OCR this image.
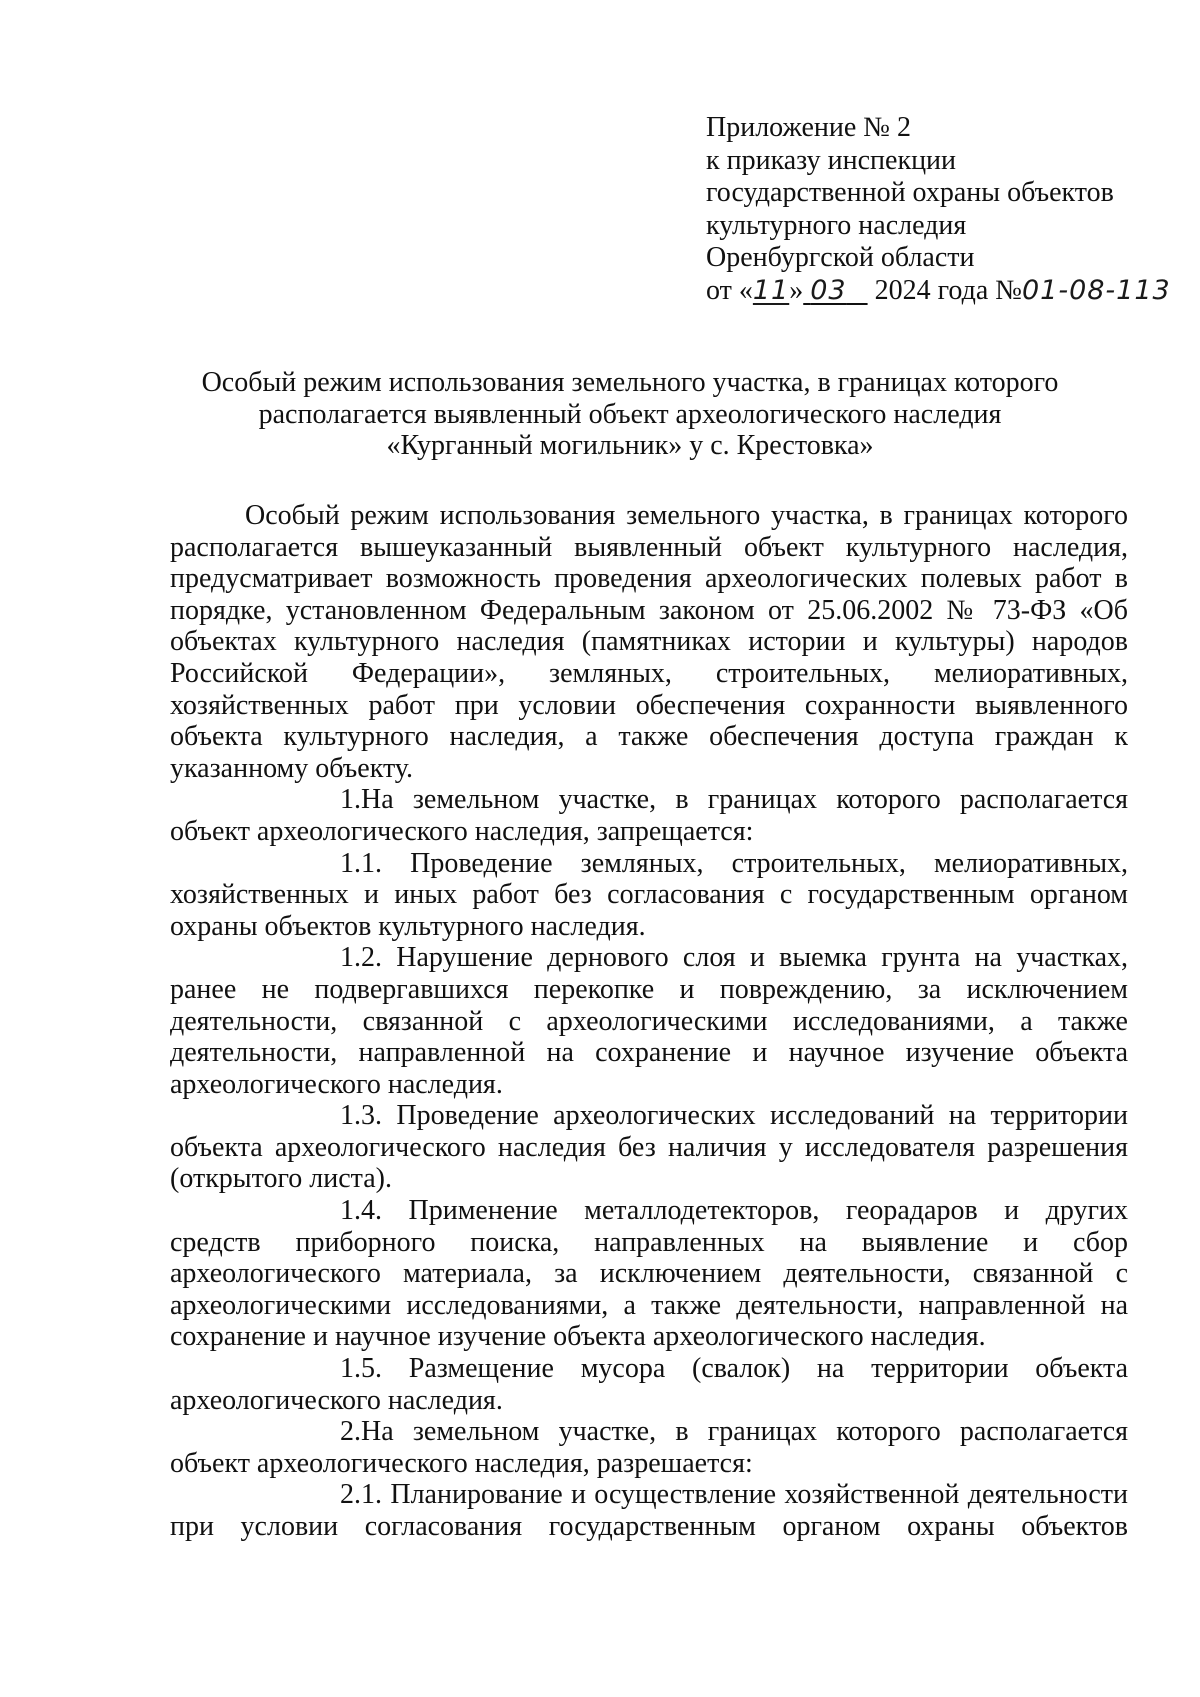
Приложение № 2
к приказу инспекции
государственной охраны объектов
культурного наследия
Оренбургской области
от «11» 03 2024 года №01-08-113
Особый режим использования земельного участка, в границах которого
располагается выявленный объект археологического наследия
«Курганный могильник» у с. Крестовка»

Особый режим использования земельного участка, в границах которого располагается вышеуказанный выявленный объект культурного наследия, предусматривает возможность проведения археологических полевых работ в порядке, установленном Федеральным законом от 25.06.2002 № 73-ФЗ «Об объектах культурного наследия (памятниках истории и культуры) народов Российской Федерации», земляных, строительных, мелиоративных, хозяйственных работ при условии обеспечения сохранности выявленного объекта культурного наследия, а также обеспечения доступа граждан к указанному объекту.

1.На земельном участке, в границах которого располагается объект археологического наследия, запрещается:

1.1. Проведение земляных, строительных, мелиоративных, хозяйственных и иных работ без согласования с государственным органом охраны объектов культурного наследия.

1.2. Нарушение дернового слоя и выемка грунта на участках, ранее не подвергавшихся перекопке и повреждению, за исключением деятельности, связанной с археологическими исследованиями, а также деятельности, направленной на сохранение и научное изучение объекта археологического наследия.

1.3. Проведение археологических исследований на территории объекта археологического наследия без наличия у исследователя разрешения (открытого листа).

1.4. Применение металлодетекторов, георадаров и других средств приборного поиска, направленных на выявление и сбор археологического материала, за исключением деятельности, связанной с археологическими исследованиями, а также деятельности, направленной на сохранение и научное изучение объекта археологического наследия.

1.5. Размещение мусора (свалок) на территории объекта археологического наследия.

2.На земельном участке, в границах которого располагается объект археологического наследия, разрешается:

2.1. Планирование и осуществление хозяйственной деятельности при условии согласования государственным органом охраны объектов
